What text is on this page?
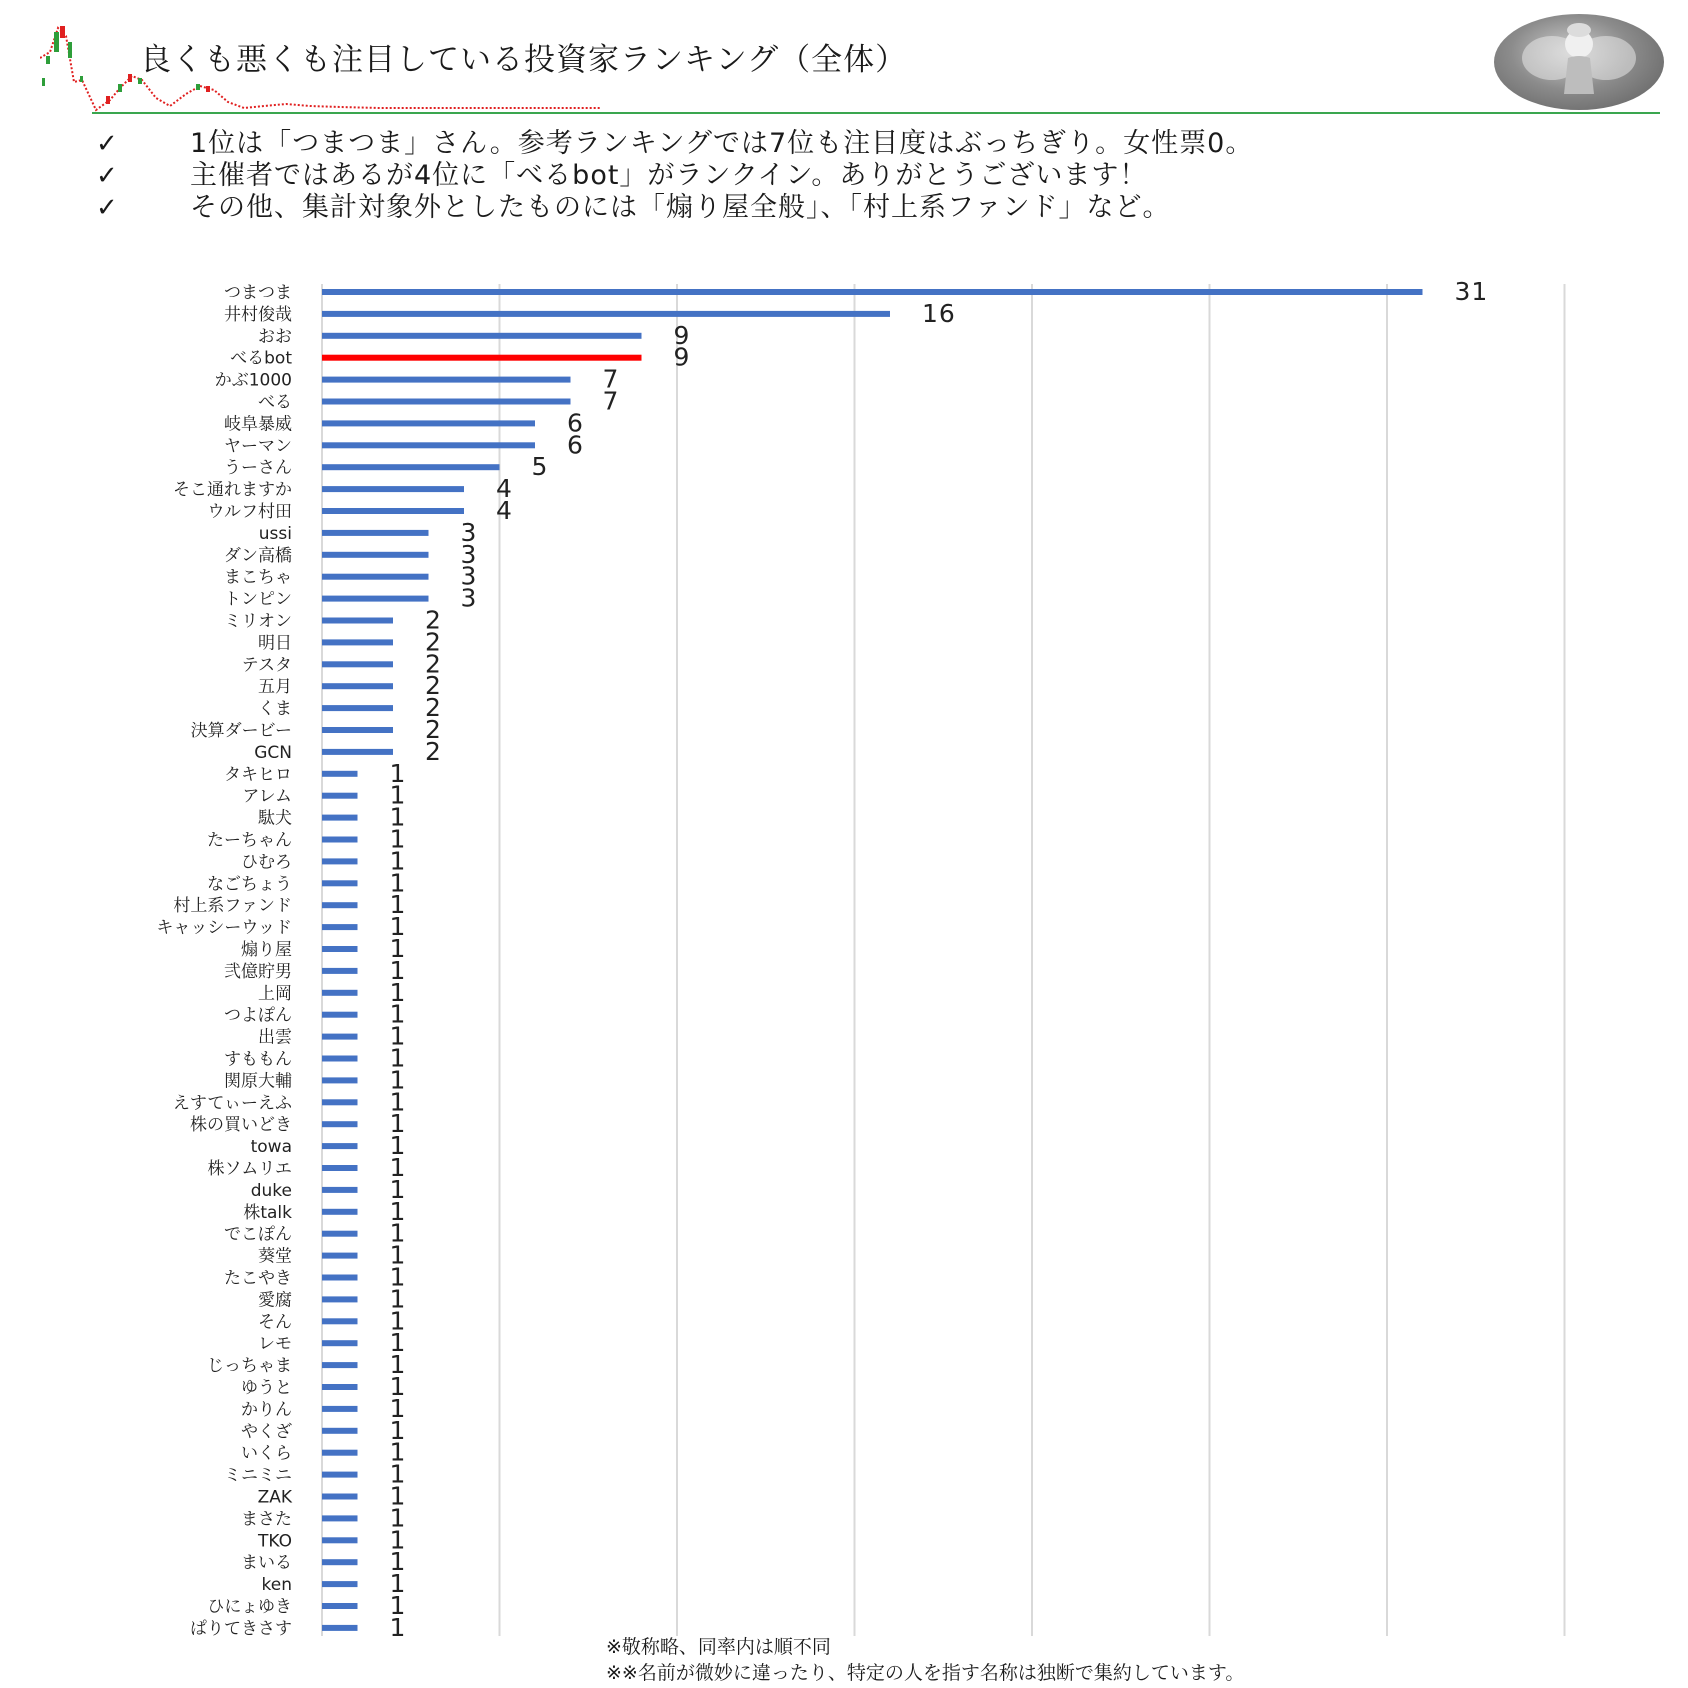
良くも悪くも注目している投資家ランキング（全体）
✓	1位は「つまつま」さん。参考ランキングでは7位も注目度はぶっちぎり。女性票0。
✓	主催者ではあるが4位に「べるbot」がランクイン。ありがとうございます！
✓	その他、集計対象外としたものには「煽り屋全般」、「村上系ファンド」など。
つまつま	31
井村俊哉	16
おお	9
べるbot	9
かぶ1000	7
べる	7
岐阜暴威	6
ヤーマン	6
うーさん	5
そこ通れますか	4
ウルフ村田	4
ussi	3
ダン高橋	3
まこちゃ	3
トンピン	3
ミリオン	2
明日	2
テスタ	2
五月	2
くま	2
決算ダービー	2
GCN	2
タキヒロ	1
アレム	1
駄犬	1
たーちゃん	1
ひむろ	1
なごちょう	1
村上系ファンド	1
キャッシーウッド	1
煽り屋	1
弐億貯男	1
上岡	1
つよぽん	1
出雲	1
すももん	1
関原大輔	1
えすてぃーえふ	1
株の買いどき	1
towa	1
株ソムリエ	1
duke	1
株talk	1
でこぽん	1
葵堂	1
たこやき	1
愛腐	1
そん	1
レモ	1
じっちゃま	1
ゆうと	1
かりん	1
やくざ	1
いくら	1
ミニミニ	1
ZAK	1
まさた	1
TKO	1
まいる	1
ken	1
ひにょゆき	1
ぱりてきさす	1
※敬称略、同率内は順不同
※※名前が微妙に違ったり、特定の人を指す名称は独断で集約しています。
